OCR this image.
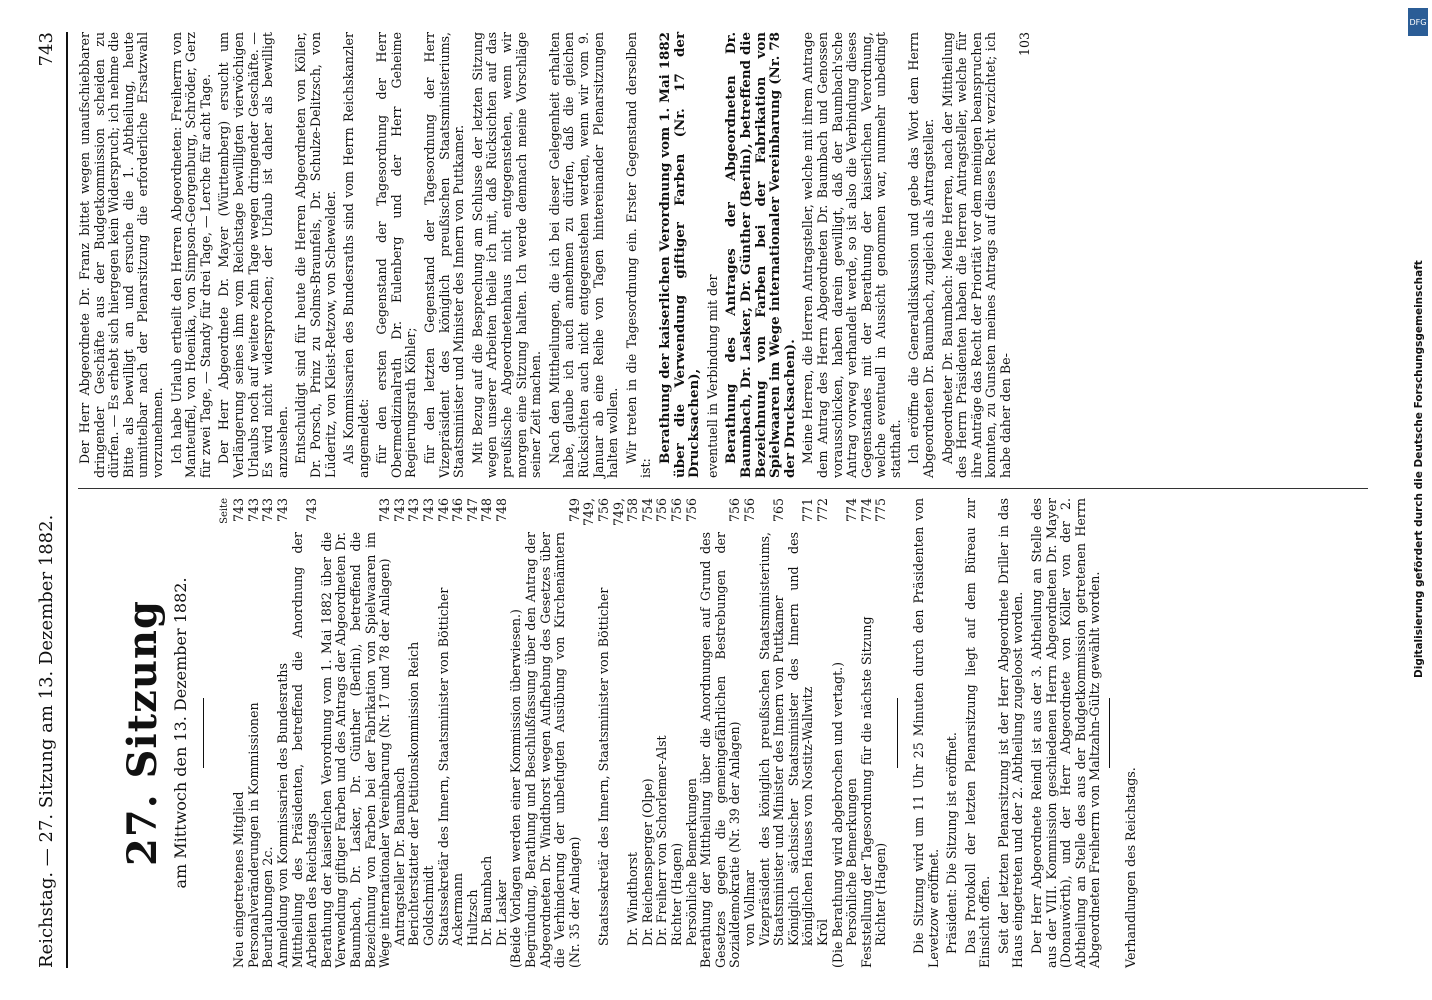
Reichstag. — 27. Sitzung am 13. Dezember 1882.
743
27. Sitzung am Mittwoch den 13. Dezember 1882.
Seite
Neu eingetretenes Mitglied
743
Personalveränderungen in Kommissionen
743
Beurlaubungen 2c.
743
Anmeldung von Kommissarien des Bundesraths
743
Mittheilung des Präsidenten, betreffend die Anordnung der Arbeiten des Reichstags
743
Berathung der kaiserlichen Verordnung vom 1. Mai 1882 über die Verwendung giftiger Farben und des Antrags der Abgeordneten Dr. Baumbach, Dr. Lasker, Dr. Günther (Berlin), betreffend die Bezeichnung von Farben bei der Fabrikation von Spielwaaren im Wege internationaler Vereinbarung (Nr. 17 und 78 der Anlagen)
743
Antragsteller Dr. Baumbach
743
Berichterstatter der Petitionskommission Reich
743
Goldschmidt
743
Staatssekretär des Innern, Staatsminister von Bötticher
746
Ackermann
746
Hultzsch
747
Dr. Baumbach
748
Dr. Lasker
748
(Beide Vorlagen werden einer Kommission überwiesen.) Begründung, Berathung und Beschlußfassung über den Antrag der Abgeordneten Dr. Windthorst wegen Aufhebung des Gesetzes über die Verhinderung der unbefugten Ausübung von Kirchenämtern (Nr. 35 der Anlagen)
749
Staatssekretär des Innern, Staatsminister von Bötticher
749, 756
Dr. Windthorst
749, 758
Dr. Reichensperger (Olpe)
754
Dr. Freiherr von Schorlemer-Alst
756
Richter (Hagen)
756
Persönliche Bemerkungen
756
Berathung der Mittheilung über die Anordnungen auf Grund des Gesetzes gegen die gemeingefährlichen Bestrebungen der Sozialdemokratie (Nr. 39 der Anlagen)
756
von Vollmar
756
Vizepräsident des königlich preußischen Staatsministeriums, Staatsminister und Minister des Innern von Puttkamer
765
Königlich sächsischer Staatsminister des Innern und des königlichen Hauses von Nostitz-Wallwitz
771
Kröl
772
(Die Berathung wird abgebrochen und vertagt.) Persönliche Bemerkungen
774
Feststellung der Tagesordnung für die nächste Sitzung
774
Richter (Hagen)
775 Die Sitzung wird um 11 Uhr 25 Minuten durch den Präsidenten von Levetzow eröffnet. Präsident: Die Sitzung ist eröffnet. Das Protokoll der letzten Plenarsitzung liegt auf dem Büreau zur Einsicht offen. Seit der letzten Plenarsitzung ist der Herr Abgeordnete Driller in das Haus eingetreten und der 2. Abtheilung zugeloost worden. Der Herr Abgeordnete Reindl ist aus der 3. Abtheilung an Stelle des aus der VIII. Kommission geschiedenen Herrn Abgeordneten Dr. Mayer (Donauwörth), und der Herr Abgeordnete von Köller von der 2. Abtheilung an Stelle des aus der Budgetkommission getretenen Herrn Abgeordneten Freiherrn von Maltzahn-Gültz gewählt worden. Verhandlungen des Reichstags.
Der Herr Abgeordnete Dr. Franz bittet wegen unaufschiebbarer dringender Geschäfte aus der Budgetkommission scheiden zu dürfen. — Es erhebt sich hiergegen kein Widerspruch; ich nehme die Bitte als bewilligt an und ersuche die 1. Abtheilung, heute unmittelbar nach der Plenarsitzung die erforderliche Ersatzwahl vorzunehmen. Ich habe Urlaub ertheilt den Herren Abgeordneten: Freiherrn von Manteuffel, von Hoenika, von Simpson-Georgenburg, Schröder, Gerz für zwei Tage, — Standy für drei Tage, — Lerche für acht Tage. Der Herr Abgeordnete Dr. Mayer (Württemberg) ersucht um Verlängerung seines ihm vom Reichstage bewilligten vierwöchigen Urlaubs noch auf weitere zehn Tage wegen dringender Geschäfte. — Es wird nicht widersprochen; der Urlaub ist daher als bewilligt anzusehen. Entschuldigt sind für heute die Herren Abgeordneten von Köller, Dr. Porsch, Prinz zu Solms-Braunfels, Dr. Schulze-Delitzsch, von Lüderitz, von Kleist-Retzow, von Schewelder. Als Kommissarien des Bundesraths sind vom Herrn Reichskanzler angemeldet: für den ersten Gegenstand der Tagesordnung der Herr Obermedizinalrath Dr. Eulenberg und der Herr Geheime Regierungsrath Köhler; für den letzten Gegenstand der Tagesordnung der Herr Vizepräsident des königlich preußischen Staatsministeriums, Staatsminister und Minister des Innern von Puttkamer. Mit Bezug auf die Besprechung am Schlusse der letzten Sitzung wegen unserer Arbeiten theile ich mit, daß Rücksichten auf das preußische Abgeordnetenhaus nicht entgegenstehen, wenn wir morgen eine Sitzung halten. Ich werde demnach meine Vorschläge seiner Zeit machen. Nach den Mittheilungen, die ich bei dieser Gelegenheit erhalten habe, glaube ich auch annehmen zu dürfen, daß die gleichen Rücksichten auch nicht entgegenstehen werden, wenn wir vom 9. Januar ab eine Reihe von Tagen hintereinander Plenarsitzungen halten wollen. Wir treten in die Tagesordnung ein. Erster Gegenstand derselben ist:
Berathung der kaiserlichen Verordnung vom 1. Mai 1882 über die Verwendung giftiger Farben (Nr. 17 der Drucksachen), eventuell in Verbindung mit der Berathung des Antrages der Abgeordneten Dr. Baumbach, Dr. Lasker, Dr. Günther (Berlin), betreffend die Bezeichnung von Farben bei der Fabrikation von Spielwaaren im Wege internationaler Vereinbarung (Nr. 78 der Drucksachen). Meine Herren, die Herren Antragsteller, welche mit ihrem Antrage dem Antrag des Herrn Abgeordneten Dr. Baumbach und Genossen vorausschicken, haben darein gewilligt, daß der Baumbach'sche Antrag vorweg verhandelt werde, so ist also die Verbindung dieses Gegenstandes mit der Berathung der kaiserlichen Verordnung, welche eventuell in Aussicht genommen war, nunmehr unbedingt statthaft. Ich eröffne die Generaldiskussion und gebe das Wort dem Herrn Abgeordneten Dr. Baumbach, zugleich als Antragsteller. Abgeordneter Dr. Baumbach: Meine Herren, nach der Mittheilung des Herrn Präsidenten haben die Herren Antragsteller, welche für ihre Anträge das Recht der Priorität vor dem meinigen beanspruchen konnten, zu Gunsten meines Antrags auf dieses Recht verzichtet; ich habe daher den Be-
103
DFG
Digitalisierung gefördert durch die Deutsche Forschungsgemeinschaft
